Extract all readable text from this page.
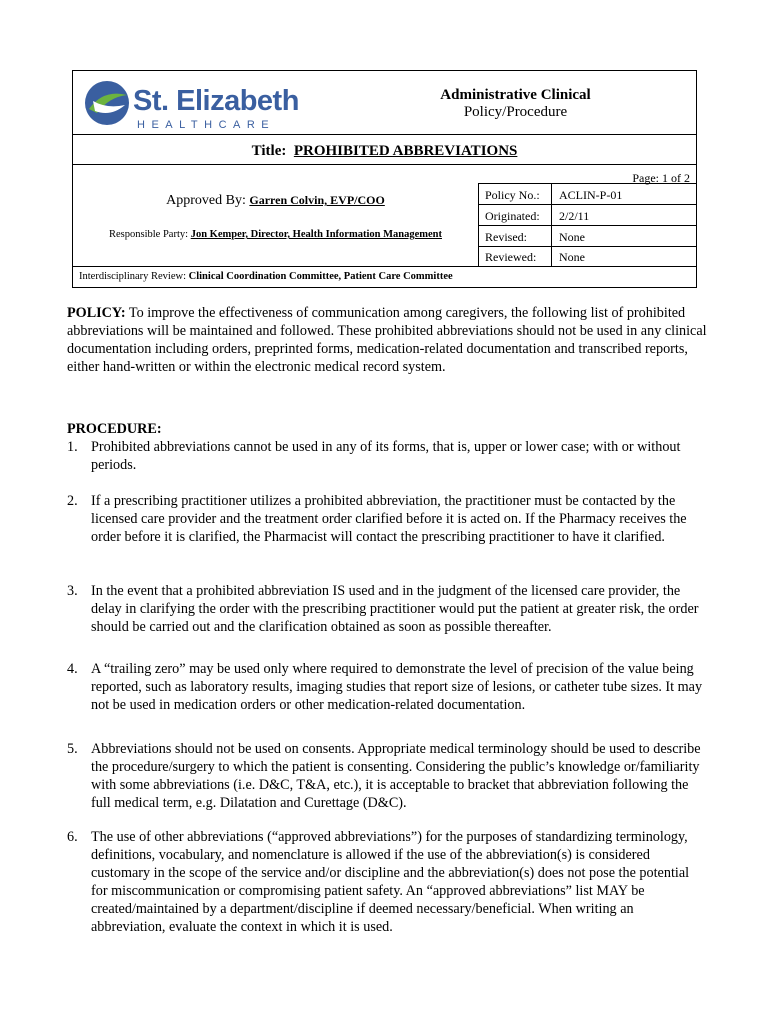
St. Elizabeth
HEALTHCARE
Administrative Clinical
Policy/Procedure
Title: PROHIBITED ABBREVIATIONS
Page: 1 of 2
Approved By: Garren Colvin, EVP/COO
Responsible Party: Jon Kemper, Director, Health Information Management
Policy No.: ACLIN-P-01
Originated: 2/2/11
Revised:	None
Reviewed: None
Interdisciplinary Review: Clinical Coordination Committee, Patient Care Committee

POLICY: To improve the effectiveness of communication among caregivers, the following list of prohibited abbreviations will be maintained and followed. These prohibited abbreviations should not be used in any clinical documentation including orders, preprinted forms, medication-related documentation and transcribed reports, either hand-written or within the electronic medical record system.

PROCEDURE:
1. Prohibited abbreviations cannot be used in any of its forms, that is, upper or lower case; with or without periods.
2. If a prescribing practitioner utilizes a prohibited abbreviation, the practitioner must be contacted by the licensed care provider and the treatment order clarified before it is acted on. If the Pharmacy receives the order before it is clarified, the Pharmacist will contact the prescribing practitioner to have it clarified.
3. In the event that a prohibited abbreviation IS used and in the judgment of the licensed care provider, the delay in clarifying the order with the prescribing practitioner would put the patient at greater risk, the order should be carried out and the clarification obtained as soon as possible thereafter.
4. A “trailing zero” may be used only where required to demonstrate the level of precision of the value being reported, such as laboratory results, imaging studies that report size of lesions, or catheter tube sizes. It may not be used in medication orders or other medication-related documentation.
5. Abbreviations should not be used on consents. Appropriate medical terminology should be used to describe the procedure/surgery to which the patient is consenting. Considering the public’s knowledge or/familiarity with some abbreviations (i.e. D&C, T&A, etc.), it is acceptable to bracket that abbreviation following the full medical term, e.g. Dilatation and Curettage (D&C).
6. The use of other abbreviations (“approved abbreviations”) for the purposes of standardizing terminology, definitions, vocabulary, and nomenclature is allowed if the use of the abbreviation(s) is considered customary in the scope of the service and/or discipline and the abbreviation(s) does not pose the potential for miscommunication or compromising patient safety. An “approved abbreviations” list MAY be created/maintained by a department/discipline if deemed necessary/beneficial. When writing an abbreviation, evaluate the context in which it is used.
